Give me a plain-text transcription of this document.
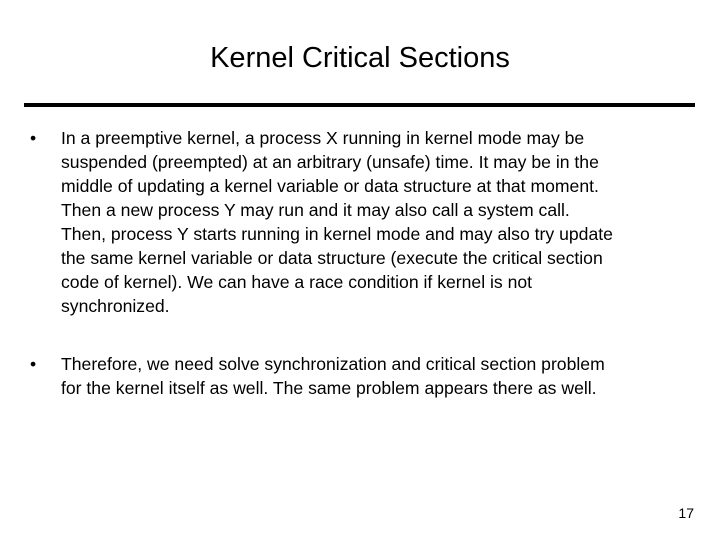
Kernel Critical Sections
•	In a preemptive kernel, a process X running in kernel mode may be
suspended (preempted) at an arbitrary (unsafe) time. It may be in the
middle of updating a kernel variable or data structure at that moment.
Then a new process Y may run and it may also call a system call.
Then, process Y starts running in kernel mode and may also try update
the same kernel variable or data structure (execute the critical section
code of kernel). We can have a race condition if kernel is not
synchronized.
•	Therefore, we need solve synchronization and critical section problem
for the kernel itself as well. The same problem appears there as well.
17
